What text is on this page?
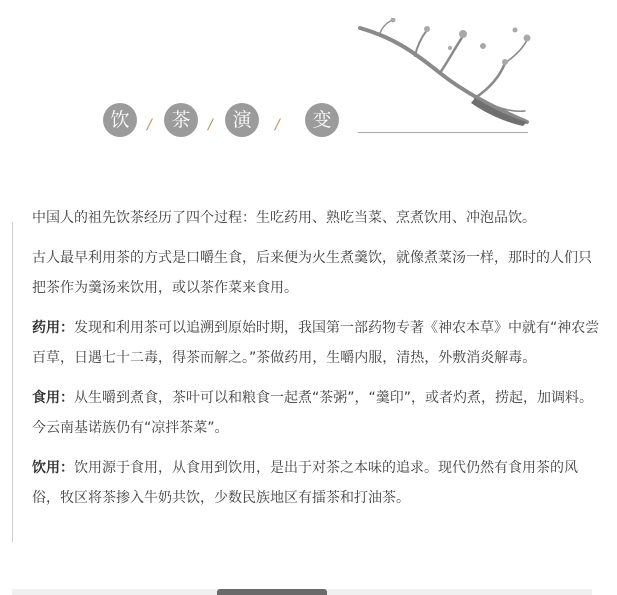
饮	/	茶	/	演	/	变

中国人的祖先饮茶经历了四个过程：生吃药用、熟吃当菜、烹煮饮用、冲泡品饮。

古人最早利用茶的方式是口嚼生食，后来便为火生煮羹饮，就像煮菜汤一样，那时的人们只把茶作为羹汤来饮用，或以茶作菜来食用。

药用：发现和利用茶可以追溯到原始时期，我国第一部药物专著《神农本草》中就有“神农尝百草，日遇七十二毒，得茶而解之。”茶做药用，生嚼内服，清热，外敷消炎解毒。

食用：从生嚼到煮食，茶叶可以和粮食一起煮“茶粥”，“羹印”，或者灼煮，捞起，加调料。今云南基诺族仍有“凉拌茶菜”。

饮用：饮用源于食用，从食用到饮用，是出于对茶之本味的追求。现代仍然有食用茶的风俗，牧区将茶掺入牛奶共饮，少数民族地区有擂茶和打油茶。
